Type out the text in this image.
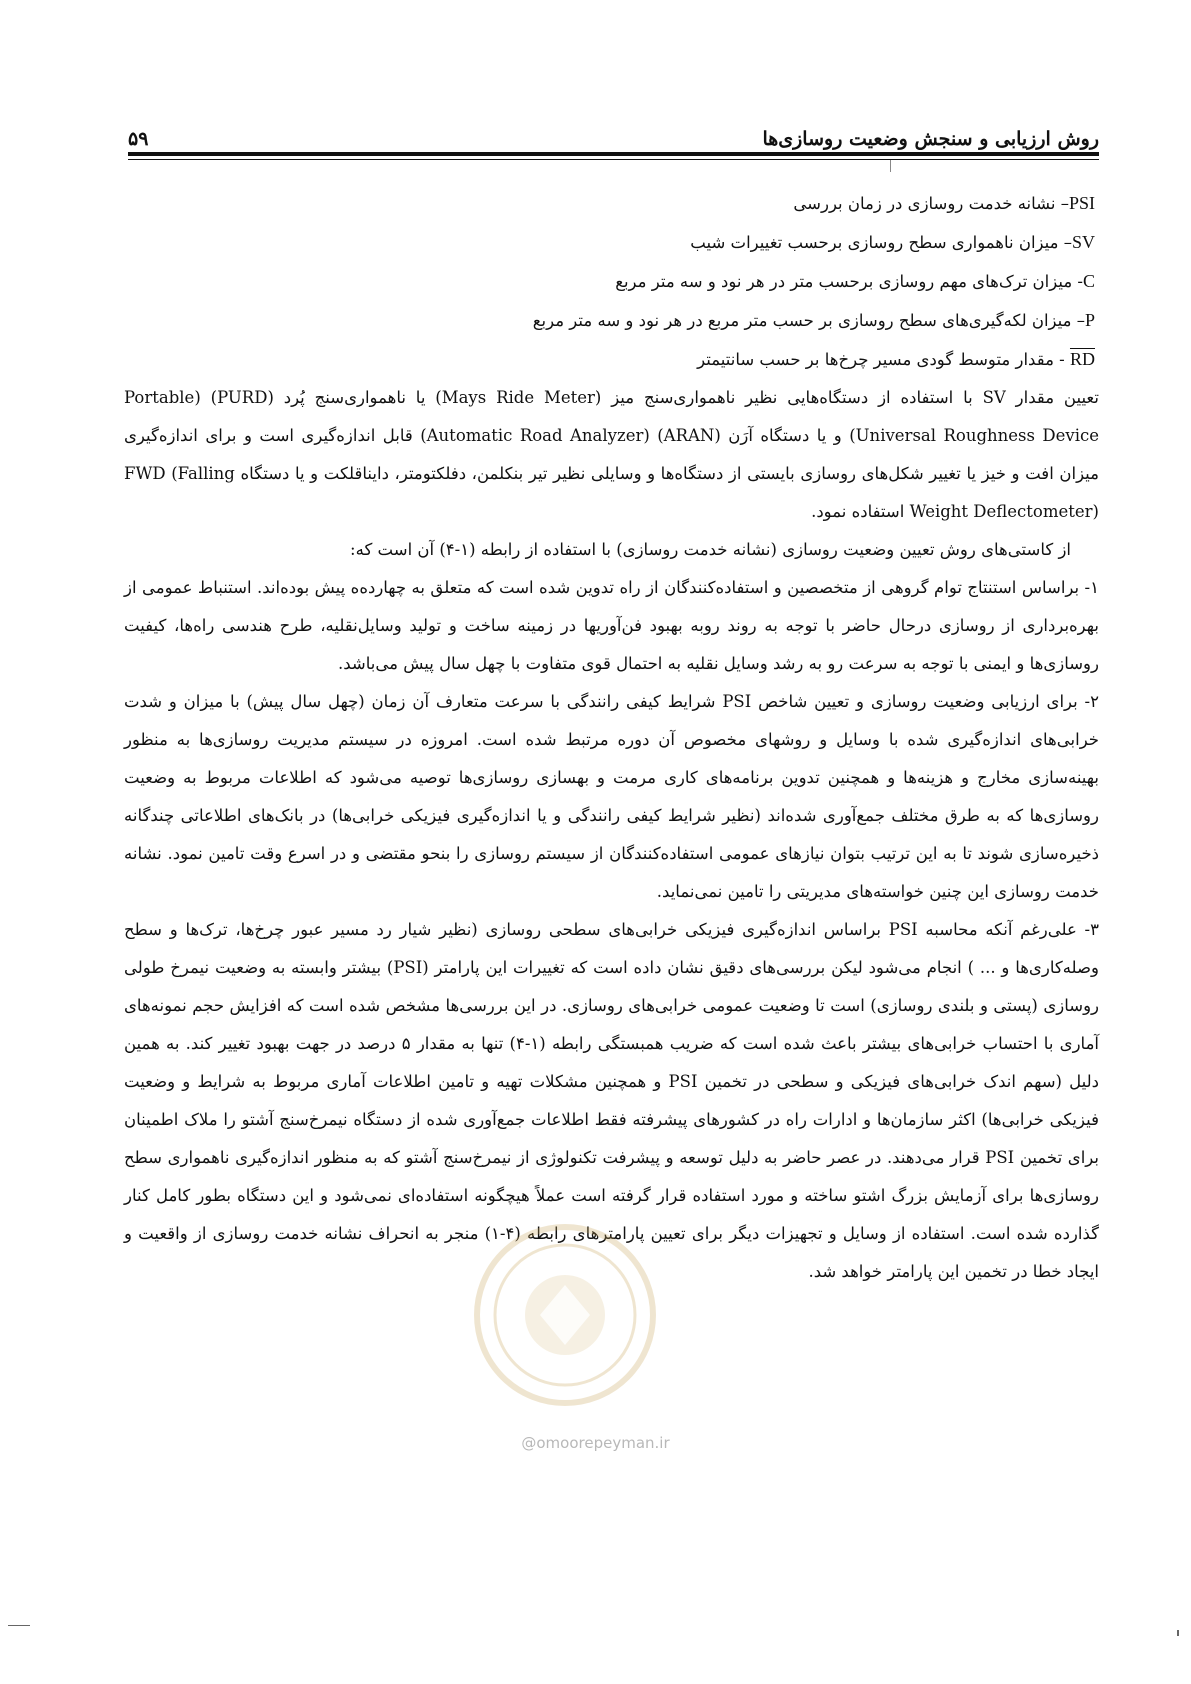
۵۹	روش ارزیابی و سنجش وضعیت روسازی‌ها
PSI– نشانه خدمت روسازی در زمان بررسی
SV– میزان ناهمواری سطح روسازی برحسب تغییرات شیب
C- میزان ترک‌های مهم روسازی برحسب متر در هر نود و سه متر مربع
P– میزان لکه‌گیری‌های سطح روسازی بر حسب متر مربع در هر نود و سه متر مربع
$\overline{RD}$ - مقدار متوسط گودی مسیر چرخ‌ها بر حسب سانتیمتر

تعیین مقدار SV با استفاده از دستگاه‌هایی نظیر ناهمواری‌سنج میز (Mays Ride Meter) یا ناهمواری‌سنج پُرد (PURD) (Portable Universal Roughness Device) و یا دستگاه آرَن (ARAN) (Automatic Road Analyzer) قابل اندازه‌گیری است و برای اندازه‌گیری میزان افت و خیز یا تغییر شکل‌های روسازی بایستی از دستگاه‌ها و وسایلی نظیر تیر بنکلمن، دفلکتومتر، دایناقلکت و یا دستگاه FWD (Falling Weight Deflectometer) استفاده نمود.

از کاستی‌های روش تعیین وضعیت روسازی (نشانه خدمت روسازی) با استفاده از رابطه (۱-۴) آن است که:

۱- براساس استنتاج توام گروهی از متخصصین و استفاده‌کنندگان از راه تدوین شده است که متعلق به چهارده‌ه پیش بوده‌اند. استنباط عمومی از بهره‌برداری از روسازی درحال حاضر با توجه به روند روبه بهبود فن‌آوریها در زمینه ساخت و تولید وسایل‌نقلیه، طرح هندسی راه‌ها، کیفیت روسازی‌ها و ایمنی با توجه به سرعت رو به رشد وسایل نقلیه به احتمال قوی متفاوت با چهل سال پیش می‌باشد.

۲- برای ارزیابی وضعیت روسازی و تعیین شاخص PSI شرایط کیفی رانندگی با سرعت متعارف آن زمان (چهل سال پیش) با میزان و شدت خرابی‌های اندازه‌گیری شده با وسایل و روشهای مخصوص آن دوره مرتبط شده است. امروزه در سیستم مدیریت روسازی‌ها به منظور بهینه‌سازی مخارج و هزینه‌ها و همچنین تدوین برنامه‌های کاری مرمت و بهسازی روسازی‌ها توصیه می‌شود که اطلاعات مربوط به وضعیت روسازی‌ها که به طرق مختلف جمع‌آوری شده‌اند (نظیر شرایط کیفی رانندگی و یا اندازه‌گیری فیزیکی خرابی‌ها) در بانک‌های اطلاعاتی چندگانه ذخیره‌سازی شوند تا به این ترتیب بتوان نیازهای عمومی استفاده‌کنندگان از سیستم روسازی را بنحو مقتضی و در اسرع وقت تامین نمود. نشانه خدمت روسازی این چنین خواسته‌های مدیریتی را تامین نمی‌نماید.

۳- علی‌رغم آنکه محاسبه PSI براساس اندازه‌گیری فیزیکی خرابی‌های سطحی روسازی (نظیر شیار رد مسیر عبور چرخ‌ها، ترک‌ها و سطح وصله‌کاری‌ها و ... ) انجام می‌شود لیکن بررسی‌های دقیق نشان داده است که تغییرات این پارامتر (PSI) بیشتر وابسته به وضعیت نیمرخ طولی روسازی (پستی و بلندی روسازی) است تا وضعیت عمومی خرابی‌های روسازی. در این بررسی‌ها مشخص شده است که افزایش حجم نمونه‌های آماری با احتساب خرابی‌های بیشتر باعث شده است که ضریب همبستگی رابطه (۱-۴) تنها به مقدار ۵ درصد در جهت بهبود تغییر کند. به همین دلیل (سهم اندک خرابی‌های فیزیکی و سطحی در تخمین PSI و همچنین مشکلات تهیه و تامین اطلاعات آماری مربوط به شرایط و وضعیت فیزیکی خرابی‌ها) اکثر سازمان‌ها و ادارات راه در کشورهای پیشرفته فقط اطلاعات جمع‌آوری شده از دستگاه نیمرخ‌سنج آشتو را ملاک اطمینان برای تخمین PSI قرار می‌دهند. در عصر حاضر به دلیل توسعه و پیشرفت تکنولوژی از نیمرخ‌سنج آشتو که به منظور اندازه‌گیری ناهمواری سطح روسازی‌ها برای آزمایش بزرگ اشتو ساخته و مورد استفاده قرار گرفته است عملاً هیچگونه استفاده‌ای نمی‌شود و این دستگاه بطور کامل کنار گذارده شده است. استفاده از وسایل و تجهیزات دیگر برای تعیین پارامترهای رابطه (۴-۱) منجر به انحراف نشانه خدمت روسازی از واقعیت و ایجاد خطا در تخمین این پارامتر خواهد شد.

@omoorepeyman.ir
